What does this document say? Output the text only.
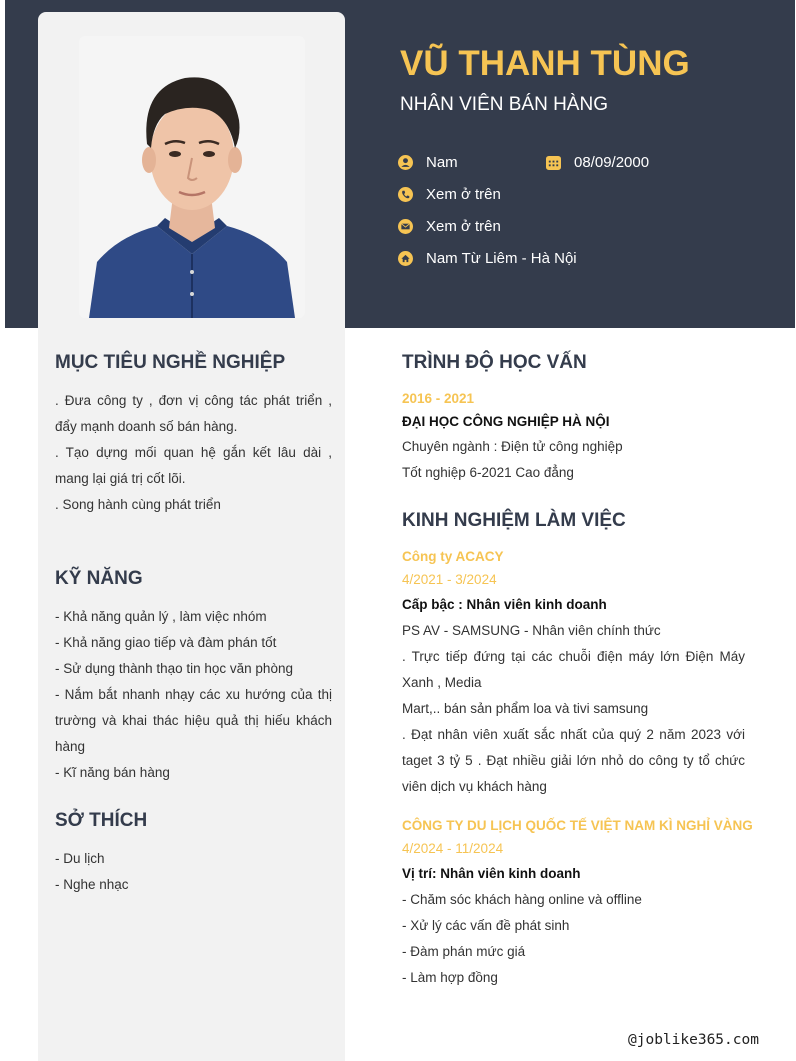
VŨ THANH TÙNG
NHÂN VIÊN BÁN HÀNG
Nam	08/09/2000
Xem ở trên
Xem ở trên
Nam Từ Liêm - Hà Nội
MỤC TIÊU NGHỀ NGHIỆP

. Đưa công ty , đơn vị công tác phát triển , đẩy mạnh doanh số bán hàng.

. Tạo dựng mối quan hệ gắn kết lâu dài , mang lại giá trị cốt lõi.

. Song hành cùng phát triển

KỸ NĂNG

- Khả năng quản lý , làm việc nhóm

- Khả năng giao tiếp và đàm phán tốt

- Sử dụng thành thạo tin học văn phòng

- Nắm bắt nhanh nhạy các xu hướng của thị trường và khai thác hiệu quả thị hiếu khách hàng

- Kĩ năng bán hàng

SỞ THÍCH

- Du lịch

- Nghe nhạc

TRÌNH ĐỘ HỌC VẤN
2016 - 2021
ĐẠI HỌC CÔNG NGHIỆP HÀ NỘI

Chuyên ngành : Điện tử công nghiệp

Tốt nghiệp 6-2021 Cao đẳng

KINH NGHIỆM LÀM VIỆC
Công ty ACACY
4/2021 - 3/2024
Cấp bậc : Nhân viên kinh doanh

PS AV - SAMSUNG - Nhân viên chính thức

. Trực tiếp đứng tại các chuỗi điện máy lớn Điện Máy Xanh , Media

Mart,.. bán sản phẩm loa và tivi samsung

. Đạt nhân viên xuất sắc nhất của quý 2 năm 2023 với taget 3 tỷ 5 . Đạt nhiều giải lớn nhỏ do công ty tổ chức viên dịch vụ khách hàng

CÔNG TY DU LỊCH QUỐC TẾ VIỆT NAM KÌ NGHỈ VÀNG
4/2024 - 11/2024
Vị trí: Nhân viên kinh doanh

- Chăm sóc khách hàng online và offline

- Xử lý các vấn đề phát sinh

- Đàm phán mức giá

- Làm hợp đồng

@joblike365.com
